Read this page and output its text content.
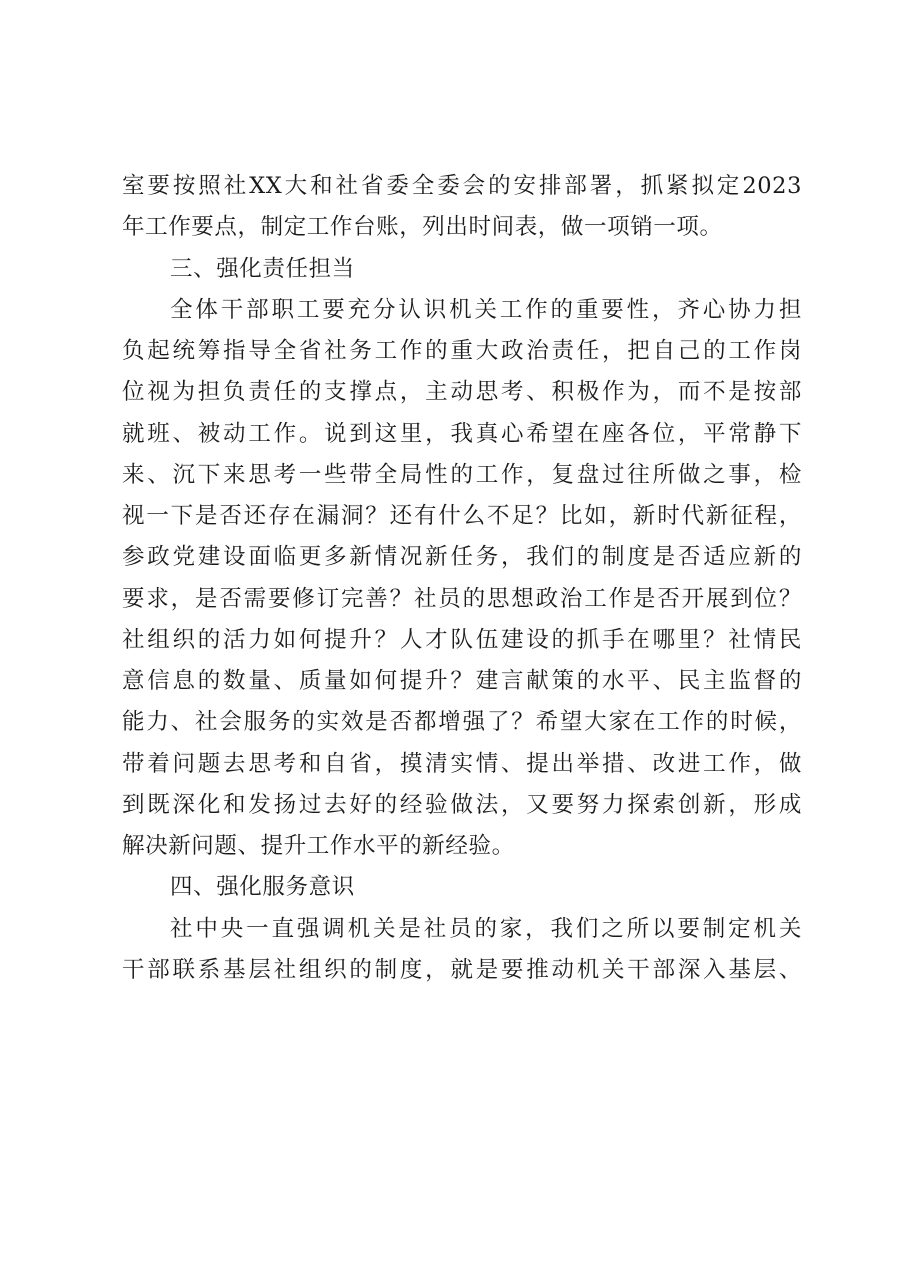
室要按照社XX大和社省委全委会的安排部署，抓紧拟定2023
年工作要点，制定工作台账，列出时间表，做一项销一项。
三、强化责任担当
全体干部职工要充分认识机关工作的重要性，齐心协力担
负起统筹指导全省社务工作的重大政治责任，把自己的工作岗
位视为担负责任的支撑点，主动思考、积极作为，而不是按部
就班、被动工作。说到这里，我真心希望在座各位，平常静下
来、沉下来思考一些带全局性的工作，复盘过往所做之事，检
视一下是否还存在漏洞？还有什么不足？比如，新时代新征程，
参政党建设面临更多新情况新任务，我们的制度是否适应新的
要求，是否需要修订完善？社员的思想政治工作是否开展到位？
社组织的活力如何提升？人才队伍建设的抓手在哪里？社情民
意信息的数量、质量如何提升？建言献策的水平、民主监督的
能力、社会服务的实效是否都增强了？希望大家在工作的时候，
带着问题去思考和自省，摸清实情、提出举措、改进工作，做
到既深化和发扬过去好的经验做法，又要努力探索创新，形成
解决新问题、提升工作水平的新经验。
四、强化服务意识
社中央一直强调机关是社员的家，我们之所以要制定机关
干部联系基层社组织的制度，就是要推动机关干部深入基层、
